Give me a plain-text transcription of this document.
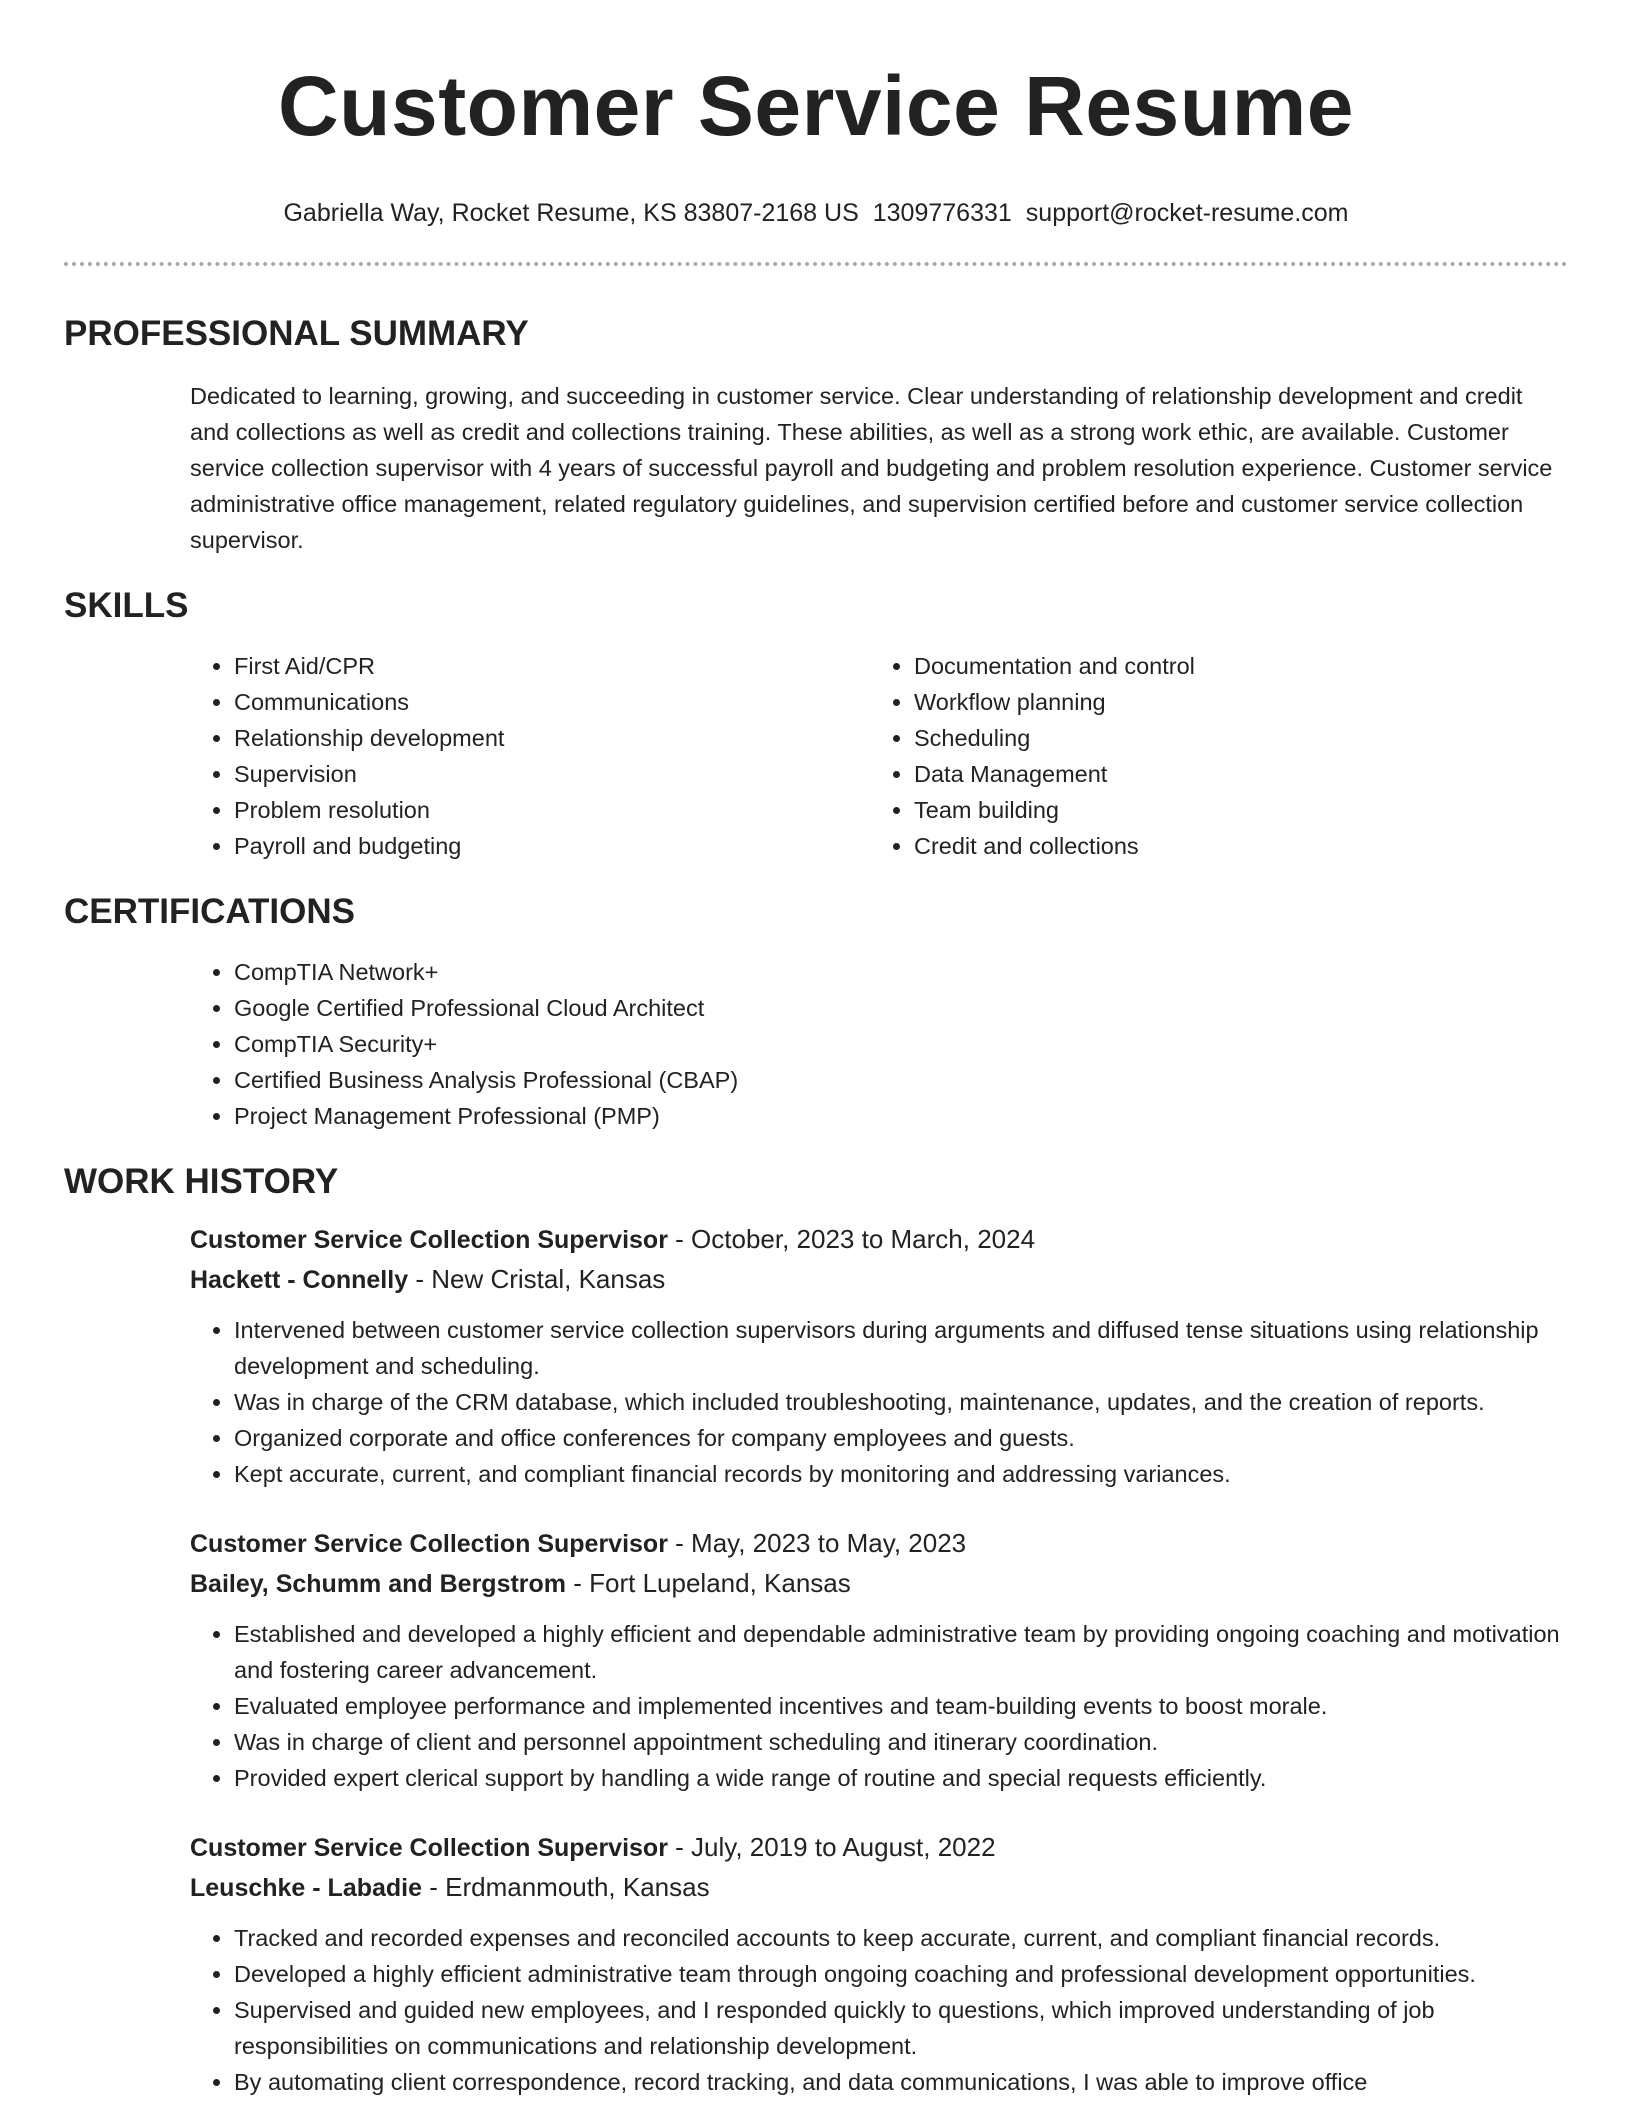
Customer Service Resume
Gabriella Way, Rocket Resume, KS 83807-2168 US 1309776331 support@rocket-resume.com
PROFESSIONAL SUMMARY

Dedicated to learning, growing, and succeeding in customer service. Clear understanding of relationship development and credit and collections as well as credit and collections training. These abilities, as well as a strong work ethic, are available. Customer service collection supervisor with 4 years of successful payroll and budgeting and problem resolution experience. Customer service administrative office management, related regulatory guidelines, and supervision certified before and customer service collection supervisor.

SKILLS
• First Aid/CPR
• Communications
• Relationship development
• Supervision
• Problem resolution
• Payroll and budgeting
• Documentation and control
• Workflow planning
• Scheduling
• Data Management
• Team building
• Credit and collections
CERTIFICATIONS
• CompTIA Network+
• Google Certified Professional Cloud Architect
• CompTIA Security+
• Certified Business Analysis Professional (CBAP)
• Project Management Professional (PMP)
WORK HISTORY
Customer Service Collection Supervisor - October, 2023 to March, 2024
Hackett - Connelly - New Cristal, Kansas
• Intervened between customer service collection supervisors during arguments and diffused tense situations using relationship development and scheduling.
• Was in charge of the CRM database, which included troubleshooting, maintenance, updates, and the creation of reports.
• Organized corporate and office conferences for company employees and guests.
• Kept accurate, current, and compliant financial records by monitoring and addressing variances.
Customer Service Collection Supervisor - May, 2023 to May, 2023
Bailey, Schumm and Bergstrom - Fort Lupeland, Kansas
• Established and developed a highly efficient and dependable administrative team by providing ongoing coaching and motivation and fostering career advancement.
• Evaluated employee performance and implemented incentives and team-building events to boost morale.
• Was in charge of client and personnel appointment scheduling and itinerary coordination.
• Provided expert clerical support by handling a wide range of routine and special requests efficiently.
Customer Service Collection Supervisor - July, 2019 to August, 2022
Leuschke - Labadie - Erdmanmouth, Kansas
• Tracked and recorded expenses and reconciled accounts to keep accurate, current, and compliant financial records.
• Developed a highly efficient administrative team through ongoing coaching and professional development opportunities.
• Supervised and guided new employees, and I responded quickly to questions, which improved understanding of job responsibilities on communications and relationship development.
• By automating client correspondence, record tracking, and data communications, I was able to improve office
